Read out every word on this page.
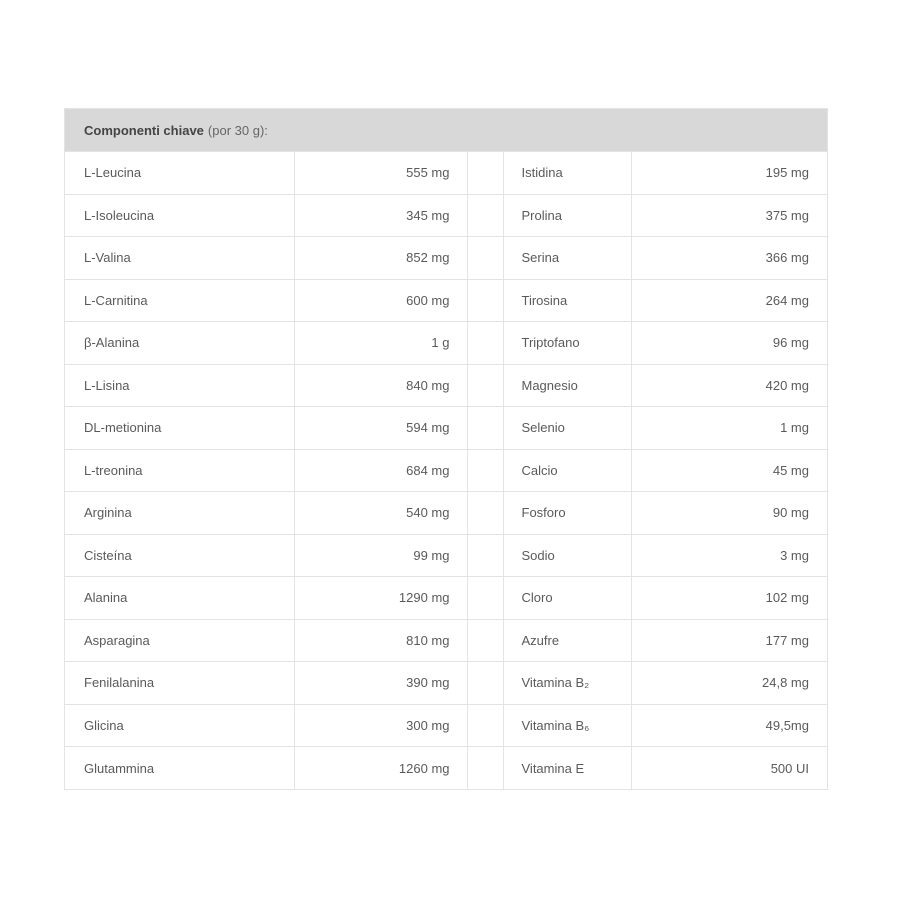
Componenti chiave (por 30 g):
L-Leucina	555 mg		Istidina	195 mg
L-Isoleucina	345 mg		Prolina	375 mg
L-Valina	852 mg		Serina	366 mg
L-Carnitina	600 mg		Tirosina	264 mg
β-Alanina	1 g		Triptofano	96 mg
L-Lisina	840 mg		Magnesio	420 mg
DL-metionina	594 mg		Selenio	1 mg
L-treonina	684 mg		Calcio	45 mg
Arginina	540 mg		Fosforo	90 mg
Cisteína	99 mg		Sodio	3 mg
Alanina	1290 mg		Cloro	102 mg
Asparagina	810 mg		Azufre	177 mg
Fenilalanina	390 mg		Vitamina B₂	24,8 mg
Glicina	300 mg		Vitamina B₆	49,5mg
Glutammina	1260 mg		Vitamina E	500 UI
